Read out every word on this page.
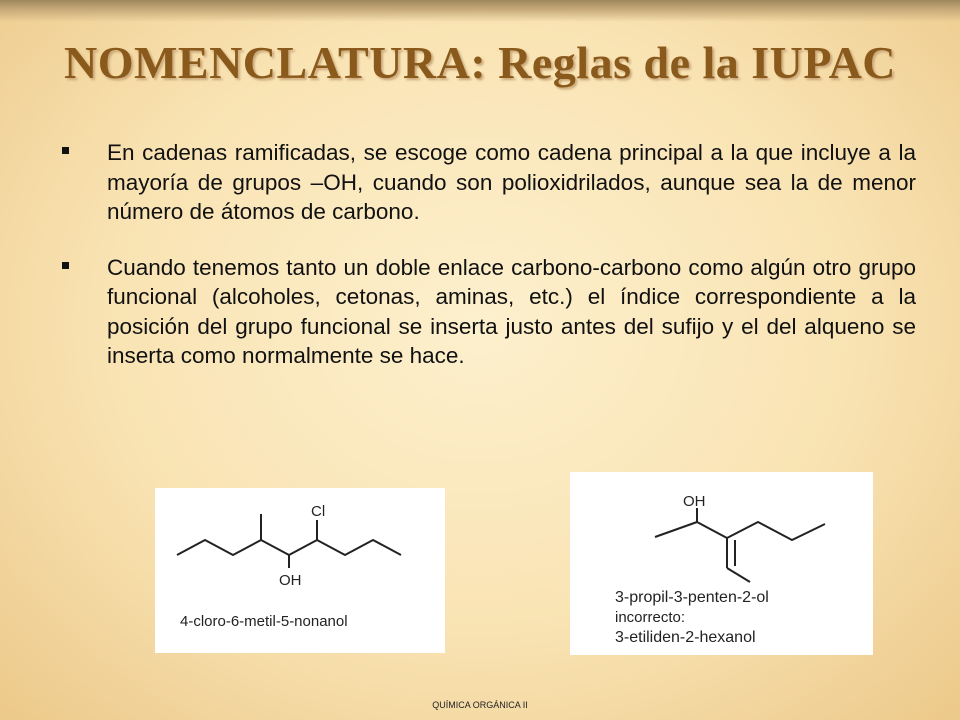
NOMENCLATURA: Reglas de la IUPAC
En cadenas ramificadas, se escoge como cadena principal a la que incluye a la mayoría de grupos –OH, cuando son polioxidrilados, aunque sea la de menor número de átomos de carbono.
Cuando tenemos tanto un doble enlace carbono-carbono como algún otro grupo funcional (alcoholes, cetonas, aminas, etc.) el índice correspondiente a la posición del grupo funcional se inserta justo antes del sufijo y el del alqueno se inserta como normalmente se hace.
Cl
OH
4-cloro-6-metil-5-nonanol
OH
3-propil-3-penten-2-ol
incorrecto:
3-etiliden-2-hexanol
QUÍMICA ORGÁNICA II
